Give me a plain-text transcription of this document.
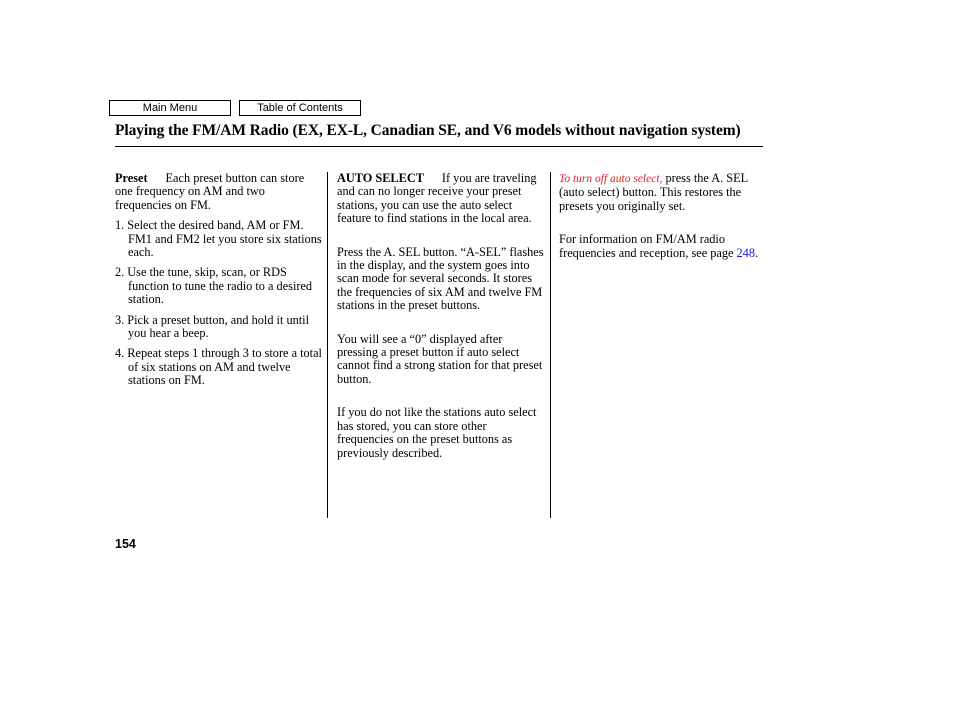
Main Menu	Table of Contents
Playing the FM/AM Radio (EX, EX-L, Canadian SE, and V6 models without navigation system)

Preset Each preset button can store one frequency on AM and two frequencies on FM.

1. Select the desired band, AM or FM. FM1 and FM2 let you store six stations each.
2. Use the tune, skip, scan, or RDS function to tune the radio to a desired station.
3. Pick a preset button, and hold it until you hear a beep.
4. Repeat steps 1 through 3 to store a total of six stations on AM and twelve stations on FM.

AUTO SELECT If you are traveling and can no longer receive your preset stations, you can use the auto select feature to find stations in the local area.

Press the A. SEL button. “A-SEL” flashes in the display, and the system goes into scan mode for several seconds. It stores the frequencies of six AM and twelve FM stations in the preset buttons.

You will see a “0” displayed after pressing a preset button if auto select cannot find a strong station for that preset button.

If you do not like the stations auto select has stored, you can store other frequencies on the preset buttons as previously described.

To turn off auto select, press the A. SEL (auto select) button. This restores the presets you originally set.

For information on FM/AM radio frequencies and reception, see page 248.

154
